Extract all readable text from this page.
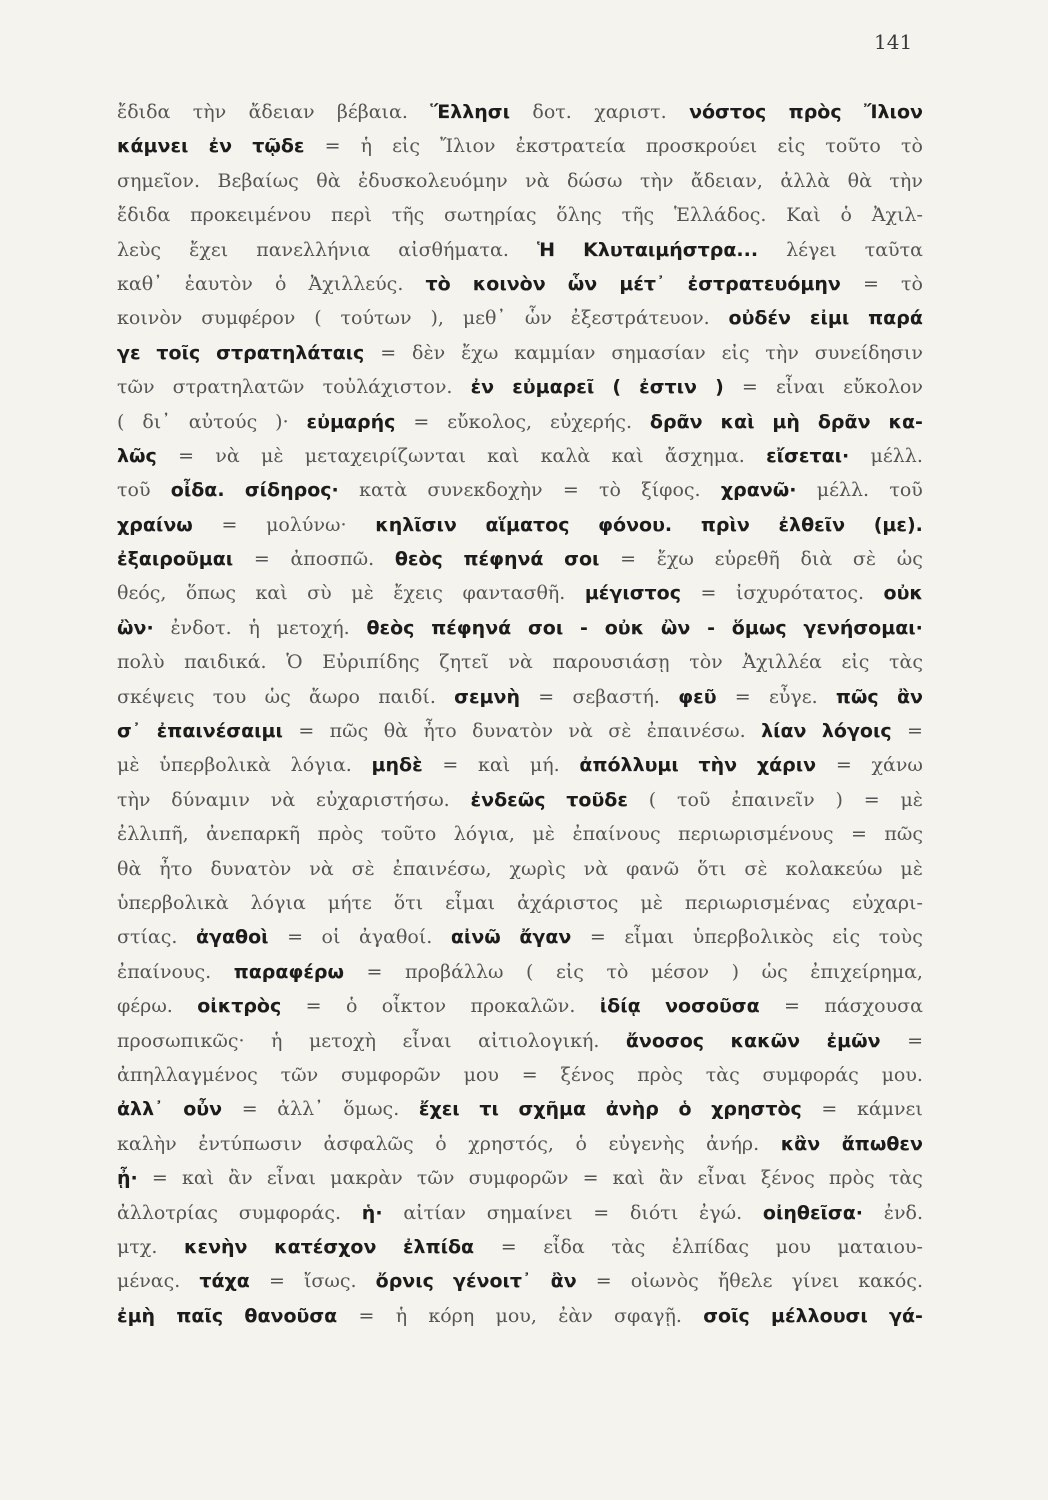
141
ἔδιδα τὴν ἄδειαν βέβαια. Ἕλλησι δοτ. χαριστ. νόστος πρὸς Ἴλιον
κάμνει ἐν τῷδε = ἡ εἰς Ἴλιον ἐκστρατεία προσκρούει εἰς τοῦτο τὸ
σημεῖον. Βεβαίως θὰ ἐδυσκολευόμην νὰ δώσω τὴν ἄδειαν, ἀλλὰ θὰ τὴν
ἔδιδα προκειμένου περὶ τῆς σωτηρίας ὅλης τῆς Ἑλλάδος. Καὶ ὁ Ἀχιλ-
λεὺς ἔχει πανελλήνια αἰσθήματα. Ἡ Κλυταιμήστρα... λέγει ταῦτα
καθ᾽ ἑαυτὸν ὁ Ἀχιλλεύς. τὸ κοινὸν ὧν μέτ᾽ ἐστρατευόμην = τὸ
κοινὸν συμφέρον ( τούτων ), μεθ᾽ ὧν ἐξεστράτευον. οὐδέν εἰμι παρά
γε τοῖς στρατηλάταις = δὲν ἔχω καμμίαν σημασίαν εἰς τὴν συνείδησιν
τῶν στρατηλατῶν τοὐλάχιστον. ἐν εὐμαρεῖ ( ἐστιν ) = εἶναι εὔκολον
( δι᾽ αὐτούς )· εὐμαρής = εὔκολος, εὐχερής. δρᾶν καὶ μὴ δρᾶν κα-
λῶς = νὰ μὲ μεταχειρίζωνται καὶ καλὰ καὶ ἄσχημα. εἴσεται· μέλλ.
τοῦ οἶδα. σίδηρος· κατὰ συνεκδοχὴν = τὸ ξίφος. χρανῶ· μέλλ. τοῦ
χραίνω = μολύνω· κηλῖσιν αἵματος φόνου. πρὶν ἐλθεῖν (με).
ἐξαιροῦμαι = ἀποσπῶ. θεὸς πέφηνά σοι = ἔχω εὑρεθῆ διὰ σὲ ὡς
θεός, ὅπως καὶ σὺ μὲ ἔχεις φαντασθῆ. μέγιστος = ἰσχυρότατος. οὐκ
ὢν· ἐνδοτ. ἡ μετοχή. θεὸς πέφηνά σοι - οὐκ ὢν - ὅμως γενήσομαι·
πολὺ παιδικά. Ὁ Εὐριπίδης ζητεῖ νὰ παρουσιάσῃ τὸν Ἀχιλλέα εἰς τὰς
σκέψεις του ὡς ἄωρο παιδί. σεμνὴ = σεβαστή. φεῦ = εὖγε. πῶς ἂν
σ᾽ ἐπαινέσαιμι = πῶς θὰ ἦτο δυνατὸν νὰ σὲ ἐπαινέσω. λίαν λόγοις =
μὲ ὑπερβολικὰ λόγια. μηδὲ = καὶ μή. ἀπόλλυμι τὴν χάριν = χάνω
τὴν δύναμιν νὰ εὐχαριστήσω. ἐνδεῶς τοῦδε ( τοῦ ἐπαινεῖν ) = μὲ
ἐλλιπῆ, ἀνεπαρκῆ πρὸς τοῦτο λόγια, μὲ ἐπαίνους περιωρισμένους = πῶς
θὰ ἦτο δυνατὸν νὰ σὲ ἐπαινέσω, χωρὶς νὰ φανῶ ὅτι σὲ κολακεύω μὲ
ὑπερβολικὰ λόγια μήτε ὅτι εἶμαι ἀχάριστος μὲ περιωρισμένας εὐχαρι-
στίας. ἀγαθοὶ = οἱ ἀγαθοί. αἰνῶ ἄγαν = εἶμαι ὑπερβολικὸς εἰς τοὺς
ἐπαίνους. παραφέρω = προβάλλω ( εἰς τὸ μέσον ) ὡς ἐπιχείρημα,
φέρω. οἰκτρὸς = ὁ οἶκτον προκαλῶν. ἰδίᾳ νοσοῦσα = πάσχουσα
προσωπικῶς· ἡ μετοχὴ εἶναι αἰτιολογική. ἄνοσος κακῶν ἐμῶν =
ἀπηλλαγμένος τῶν συμφορῶν μου = ξένος πρὸς τὰς συμφοράς μου.
ἀλλ᾽ οὖν = ἀλλ᾽ ὅμως. ἔχει τι σχῆμα ἀνὴρ ὁ χρηστὸς = κάμνει
καλὴν ἐντύπωσιν ἀσφαλῶς ὁ χρηστός, ὁ εὐγενὴς ἀνήρ. κἂν ἄπωθεν
ᾖ· = καὶ ἂν εἶναι μακρὰν τῶν συμφορῶν = καὶ ἂν εἶναι ξένος πρὸς τὰς
ἀλλοτρίας συμφοράς. ἡ· αἰτίαν σημαίνει = διότι ἐγώ. οἰηθεῖσα· ἐνδ.
μτχ. κενὴν κατέσχον ἐλπίδα = εἶδα τὰς ἐλπίδας μου ματαιου-
μένας. τάχα = ἴσως. ὄρνις γένοιτ᾽ ἂν = οἰωνὸς ἤθελε γίνει κακός.
ἐμὴ παῖς θανοῦσα = ἡ κόρη μου, ἐὰν σφαγῇ. σοῖς μέλλουσι γά-
